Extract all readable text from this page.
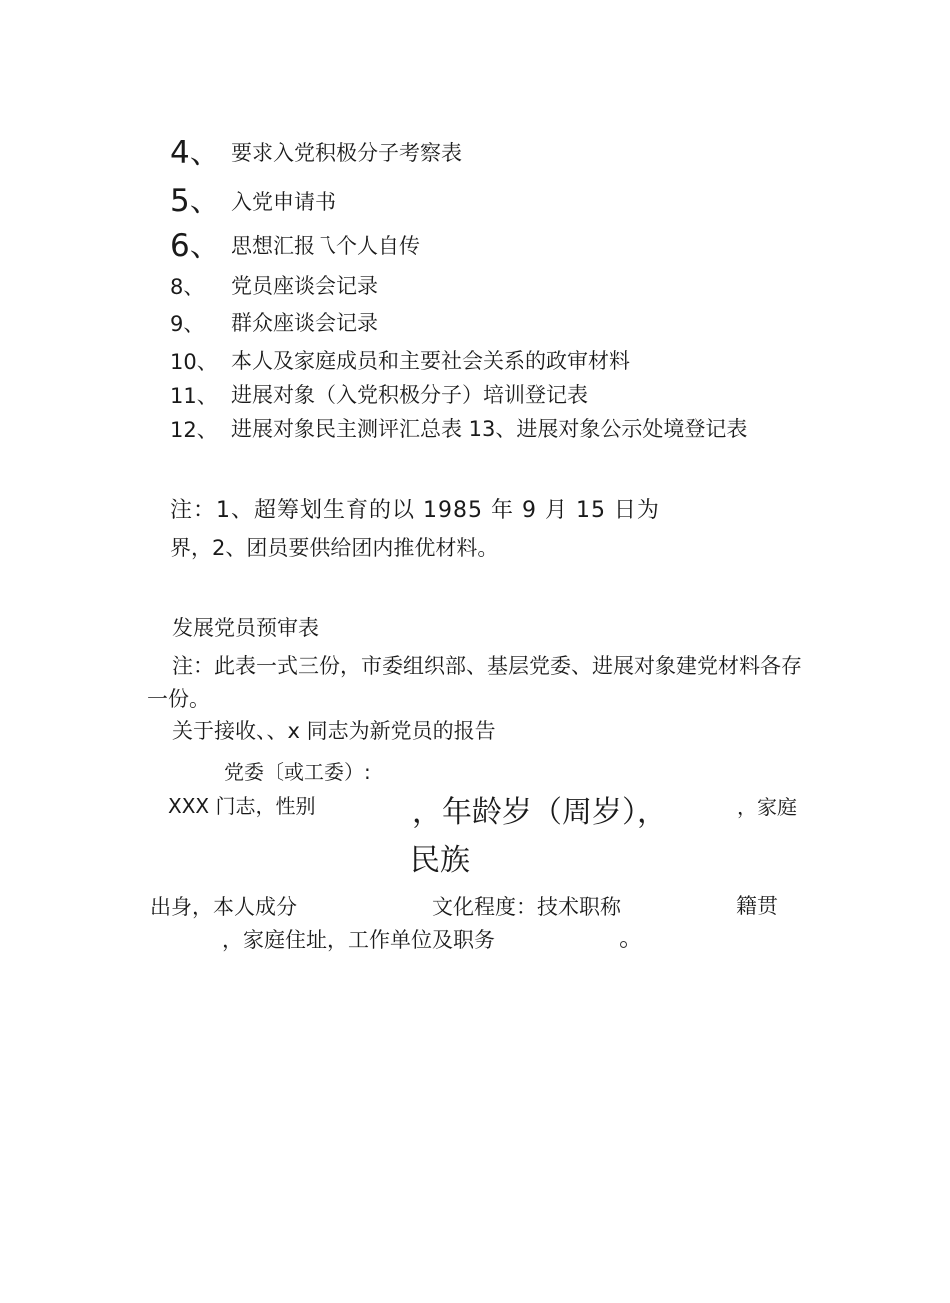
4、 要求入党积极分子考察表
5、 入党申请书
6、 思想汇报乁个人自传
8、 党员座谈会记录
9、 群众座谈会记录
10、 本人及家庭成员和主要社会关系的政审材料
11、 进展对象（入党积极分子）培训登记表
12、 进展对象民主测评汇总表 13、进展对象公示处境登记表
注：1、超筹划生育的以 1985 年 9 月 15 日为
界，2、团员要供给团内推优材料。
发展党员预审表
注：此表一式三份，市委组织部、基层党委、进展对象建党材料各存
一份。
关于接收、、x 同志为新党员的报告
党委〔或工委）:
XXX 门志，性别	，年龄岁（周岁），	，家庭
民族
出身，本人成分	文化程度：技术职称	籍贯
，家庭住址，工作单位及职务
